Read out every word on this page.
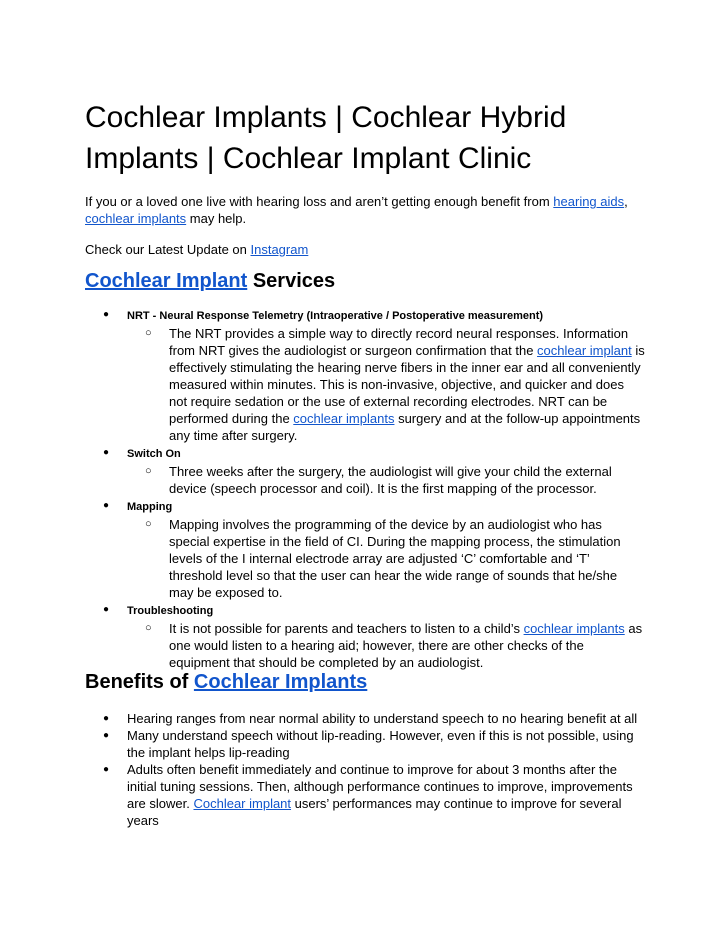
Cochlear Implants | Cochlear Hybrid Implants | Cochlear Implant Clinic

If you or a loved one live with hearing loss and aren’t getting enough benefit from hearing aids, cochlear implants may help.

Check our Latest Update on Instagram

Cochlear Implant Services
● NRT - Neural Response Telemetry (Intraoperative / Postoperative measurement)
○ The NRT provides a simple way to directly record neural responses. Information from NRT gives the audiologist or surgeon confirmation that the cochlear implant is effectively stimulating the hearing nerve fibers in the inner ear and all conveniently measured within minutes. This is non-invasive, objective, and quicker and does not require sedation or the use of external recording electrodes. NRT can be performed during the cochlear implants surgery and at the follow-up appointments any time after surgery.
● Switch On
○ Three weeks after the surgery, the audiologist will give your child the external device (speech processor and coil). It is the first mapping of the processor.
● Mapping
○ Mapping involves the programming of the device by an audiologist who has special expertise in the field of CI. During the mapping process, the stimulation levels of the I internal electrode array are adjusted ‘C’ comfortable and ‘T’ threshold level so that the user can hear the wide range of sounds that he/she may be exposed to.
● Troubleshooting
○ It is not possible for parents and teachers to listen to a child’s cochlear implants as one would listen to a hearing aid; however, there are other checks of the equipment that should be completed by an audiologist.
Benefits of Cochlear Implants
● Hearing ranges from near normal ability to understand speech to no hearing benefit at all
● Many understand speech without lip-reading. However, even if this is not possible, using the implant helps lip-reading
● Adults often benefit immediately and continue to improve for about 3 months after the initial tuning sessions. Then, although performance continues to improve, improvements are slower. Cochlear implant users’ performances may continue to improve for several years
